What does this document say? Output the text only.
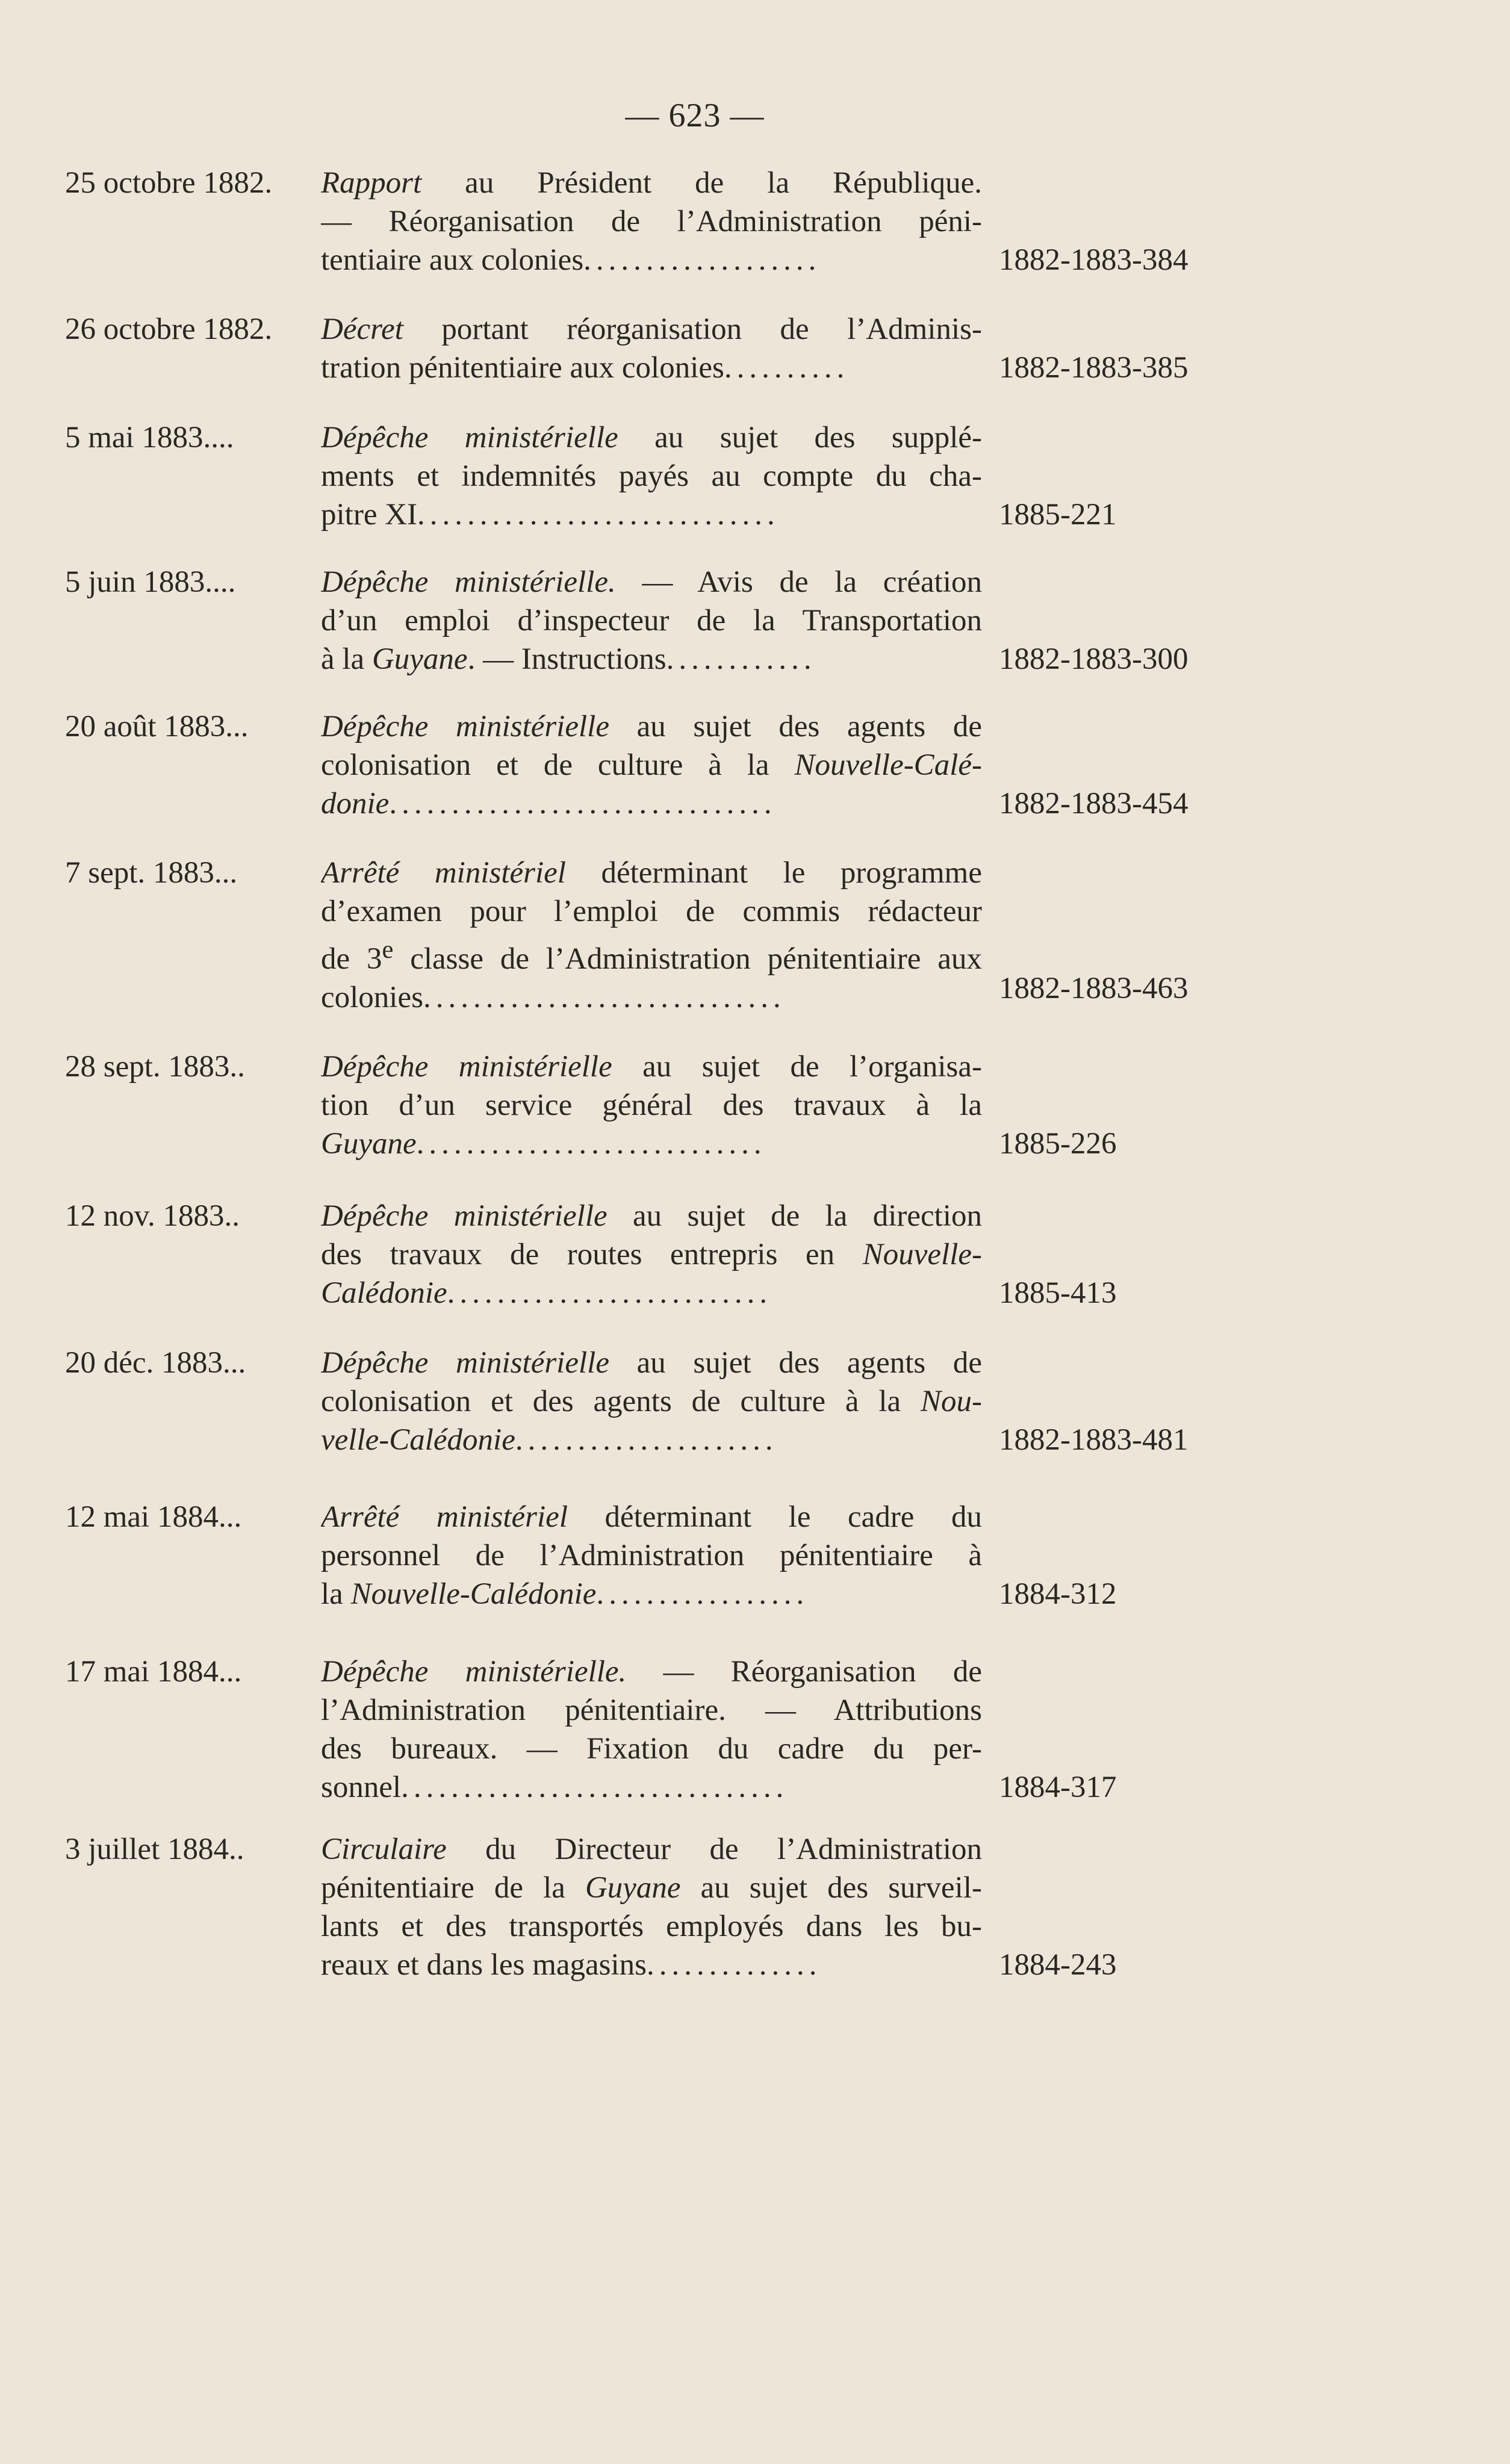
— 623 —
25 octobre 1882. Rapport au Président de la République.
— Réorganisation de l’Administration péni-
tentiaire aux colonies...................	1882-1883-384
26 octobre 1882. Décret portant réorganisation de l’Adminis-
tration pénitentiaire aux colonies..........	1882-1883-385
5 mai 1883....	Dépêche ministérielle au sujet des supplé-
ments et indemnités payés au compte du cha-
pitre XI.............................	1885-221
5 juin 1883....	Dépêche ministérielle. — Avis de la création
d’un emploi d’inspecteur de la Transportation
à la Guyane. — Instructions............	1882-1883-300
20 août 1883... Dépêche ministérielle au sujet des agents de
colonisation et de culture à la Nouvelle-Calé-
donie...............................	1882-1883-454
7 sept. 1883...	Arrêté ministériel déterminant le programme
d’examen pour l’emploi de commis rédacteur
de 3e classe de l’Administration pénitentiaire aux
colonies.............................	1882-1883-463
28 sept. 1883.. Dépêche ministérielle au sujet de l’organisa-
tion d’un service général des travaux à la
Guyane............................	1885-226
12 nov. 1883..	Dépêche ministérielle au sujet de la direction
des travaux de routes entrepris en Nouvelle-
Calédonie..........................	1885-413
20 déc. 1883... Dépêche ministérielle au sujet des agents de
colonisation et des agents de culture à la Nou-
velle-Calédonie.....................	1882-1883-481
12 mai 1884...	Arrêté ministériel déterminant le cadre du
personnel de l’Administration pénitentiaire à
la Nouvelle-Calédonie.................	1884-312
17 mai 1884...	Dépêche ministérielle. — Réorganisation de
l’Administration pénitentiaire. — Attributions
des bureaux. — Fixation du cadre du per-
sonnel...............................	1884-317
3 juillet 1884..	Circulaire du Directeur de l’Administration
pénitentiaire de la Guyane au sujet des surveil-
lants et des transportés employés dans les bu-
reaux et dans les magasins..............	1884-243
